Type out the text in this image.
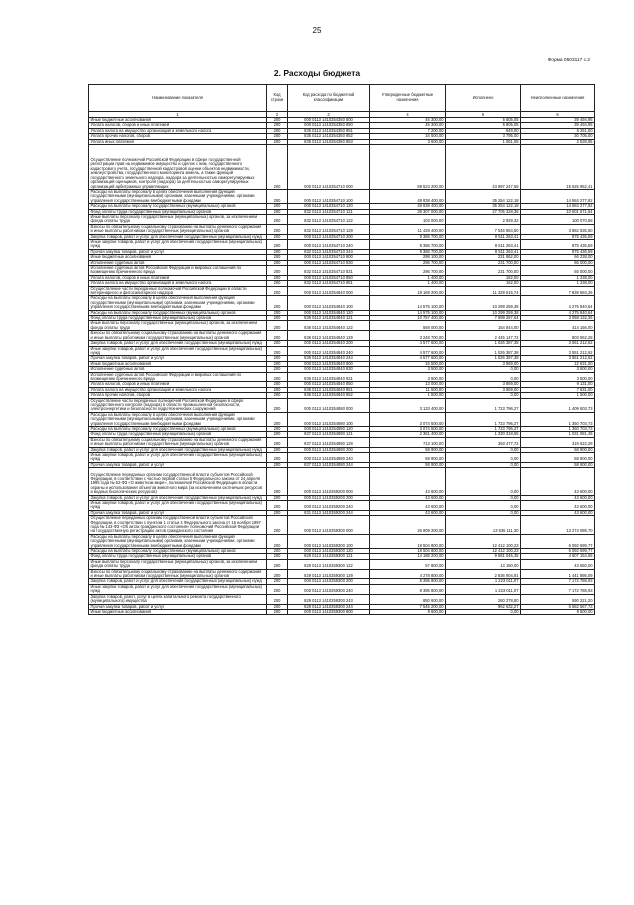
25
Форма 0503117 с.2
2. Расходы бюджета
Наименование показателя	Код строки	Код расхода по бюджетной классификации	Утвержденные бюджетные назначения	Исполнено	Неисполненные назначения
1	2	3	4	5	6
Иные бюджетные ассигнования	200	000 0113 1410354350 800	45 300,00	5 805,05	39 494,95
Уплата налогов, сборов и иных платежей	200	000 0113 1410354350 850	45 300,00	5 805,05	39 494,95
Уплата налога на имущество организаций и земельного налога	200	835 0113 1410354350 851	7 200,00	949,00	6 251,00
Уплата прочих налогов, сборов	200	835 0113 1410354350 852	34 500,00	3 795,00	30 705,00
Уплата иных платежей	200	835 0113 1410354350 853	3 600,00	1 061,05	2 538,95
Осуществление полномочий Российской Федерации в сфере государственной регистрации прав на недвижимое имущество и сделок с ним, государственного кадастрового учета, государственной кадастровой оценки объектов недвижимости, землеустройства, государственного мониторинга земель, а также функций государственного земельного надзора, надзора за деятельностью саморегулируемых организаций оценщиков, контроля (надзора) за деятельностью саморегулируемых организаций арбитражных управляющих	200	000 0113 1410354710 000	59 523 200,00	43 997 247,59	15 525 952,41
Расходы на выплаты персоналу в целях обеспечения выполнения функций государственными (муниципальными) органами, казенными учреждениями, органами управления государственными внебюджетными фондами	200	000 0113 1410354710 100	49 838 400,00	35 254 122,18	14 584 277,82
Расходы на выплаты персоналу государственных (муниципальных) органов	200	000 0113 1410354710 120	49 838 400,00	35 254 122,18	14 584 277,82
Фонд оплаты труда государственных (муниципальных) органов	200	832 0113 1410354710 121	38 307 000,00	27 705 328,36	10 601 671,64
Иные выплаты персоналу государственных (муниципальных) органов, за исключением фонда оплаты труда	200	832 0113 1410354710 122	103 000,00	2 929,32	100 070,68
Взносы по обязательному социальному страхованию на выплаты денежного содержания и иные выплаты работникам государственных (муниципальных) органов	200	832 0113 1410354710 129	11 428 400,00	7 545 864,50	3 882 535,50
Закупка товаров, работ и услуг для обеспечения государственных (муниципальных) нужд	200	000 0113 1410354710 200	9 386 700,00	8 511 263,41	875 436,59
Иные закупки товаров, работ и услуг для обеспечения государственных (муниципальных) нужд	200	000 0113 1410354710 240	9 386 700,00	8 511 263,41	875 436,59
Прочая закупка товаров, работ и услуг	200	832 0113 1410354710 244	9 386 700,00	8 511 263,41	875 436,59
Иные бюджетные ассигнования	200	000 0113 1410354710 800	298 100,00	231 862,00	66 238,00
Исполнение судебных актов	200	000 0113 1410354710 830	296 700,00	231 700,00	65 000,00
Исполнение судебных актов Российской Федерации и мировых соглашений по возмещению причиненного вреда	200	832 0113 1410354710 831	296 700,00	231 700,00	65 000,00
Уплата налогов, сборов и иных платежей	200	000 0113 1410354710 850	1 400,00	162,00	1 238,00
Уплата налога на имущество организаций и земельного налога	200	832 0113 1410354710 851	1 400,00	162,00	1 238,00
Осуществление части переданных полномочий Российской Федерации в области ветеринарного и фитосанитарного надзора	200	000 0113 1410354840 000	19 169 200,00	11 329 515,74	7 839 684,26
Расходы на выплаты персоналу в целях обеспечения выполнения функций государственными (муниципальными) органами, казенными учреждениями, органами управления государственными внебюджетными фондами	200	000 0113 1410354840 100	14 575 100,00	10 299 259,38	4 275 840,64
Расходы на выплаты персоналу государственных (муниципальных) органов	200	000 0113 1410354840 120	14 575 100,00	10 299 259,38	4 275 840,64
Фонд оплаты труда государственных (муниципальных) органов	200	836 0113 1410354840 121	10 757 400,00	7 699 267,64	3 058 132,36
Иные выплаты персоналу государственных (муниципальных) органов, за исключением фонда оплаты труда	200	836 0113 1410354840 122	569 000,00	154 844,00	414 156,00
Взносы по обязательному социальному страхованию на выплаты денежного содержания и иные выплаты работникам государственных (муниципальных) органов	200	836 0113 1410354840 129	3 248 700,00	2 445 147,72	803 552,28
Закупка товаров, работ и услуг для обеспечения государственных (муниципальных) нужд	200	000 0113 1410354840 200	4 577 600,00	1 026 387,38	3 551 212,62
Иные закупки товаров, работ и услуг для обеспечения государственных (муниципальных) нужд	200	000 0113 1410354840 240	4 577 600,00	1 026 387,38	3 551 212,62
Прочая закупка товаров, работ и услуг	200	836 0113 1410354840 244	4 577 600,00	1 026 387,38	3 551 212,62
Иные бюджетные ассигнования	200	000 0113 1410354840 800	16 500,00	3 869,00	12 631,00
Исполнение судебных актов	200	000 0113 1410354840 830	3 500,00	0,00	3 500,00
Исполнение судебных актов Российской Федерации и мировых соглашений по возмещению причиненного вреда	200	836 0113 1410354840 831	3 500,00	0,00	3 500,00
Уплата налогов, сборов и иных платежей	200	000 0113 1410354840 850	13 000,00	3 869,00	9 131,00
Уплата налога на имущество организаций и земельного налога	200	836 0113 1410354840 851	11 500,00	3 869,00	7 631,00
Уплата прочих налогов, сборов	200	836 0113 1410354840 852	1 500,00	0,00	1 500,00
Осуществление части переданных полномочий Российской Федерации в сфере государственного контроля (надзора) в области промышленной безопасности, электроэнергетики и безопасности гидротехнических сооружений	200	000 0113 1410354890 000	3 133 400,00	1 723 796,27	1 409 603,73
Расходы на выплаты персоналу в целях обеспечения выполнения функций государственными (муниципальными) органами, казенными учреждениями, органами управления государственными внебюджетными фондами	200	000 0113 1410354890 100	3 074 500,00	1 723 796,27	1 350 703,73
Расходы на выплаты персоналу государственных (муниципальных) органов	200	000 0113 1410354890 120	3 074 500,00	1 723 796,27	1 350 703,73
Фонд оплаты труда государственных (муниципальных) органов	200	837 0113 1410354890 121	2 361 400,00	1 330 318,55	1 031 081,45
Взносы по обязательному социальному страхованию на выплаты денежного содержания и иные выплаты работникам государственных (муниципальных) органов	200	837 0113 1410354890 129	713 100,00	393 477,72	319 622,28
Закупка товаров, работ и услуг для обеспечения государственных (муниципальных) нужд	200	000 0113 1410354890 200	58 900,00	0,00	58 900,00
Иные закупки товаров, работ и услуг для обеспечения государственных (муниципальных) нужд	200	000 0113 1410354890 240	58 900,00	0,00	58 900,00
Прочая закупка товаров, работ и услуг	200	837 0113 1410354890 244	58 900,00	0,00	58 900,00
Осуществление переданных органам государственной власти субъектов Российской Федерации, в соответствии с частью первой статьи 6 Федерального закона от 24 апреля 1995 года № 52-ФЗ «О животном мире», полномочий Российской Федерации в области охраны и использования объектов животного мира (за исключением охотничьих ресурсов и водных биологических ресурсов)	200	000 0113 1410359200 000	43 600,00	0,00	43 600,00
Закупка товаров, работ и услуг для обеспечения государственных (муниципальных) нужд	200	000 0113 1410359200 200	43 600,00	0,00	43 600,00
Иные закупки товаров, работ и услуг для обеспечения государственных (муниципальных) нужд	200	000 0113 1410359200 240	43 600,00	0,00	43 600,00
Прочая закупка товаров, работ и услуг	200	831 0113 1410359200 244	43 600,00	0,00	43 600,00
Осуществление переданных органам государственной власти субъектов Российской Федерации, в соответствии с пунктом 1 статьи 4 Федерального закона от 15 ноября 1997 года № 143-ФЗ «Об актах гражданского состояния» полномочий Российской Федерации на государственную регистрацию актов гражданского состояния	200	000 0113 1410359300 000	26 909 200,00	13 635 111,30	13 274 088,70
Расходы на выплаты персоналу в целях обеспечения выполнения функций государственными (муниципальными) органами, казенными учреждениями, органами управления государственными внебюджетными фондами	200	000 0113 1410359300 100	18 504 800,00	12 412 100,23	6 092 699,77
Расходы на выплаты персоналу государственных (муниципальных) органов	200	000 0113 1410359300 120	18 504 800,00	12 412 100,23	6 092 699,77
Фонд оплаты труда государственных (муниципальных) органов	200	829 0113 1410359300 121	14 188 200,00	9 581 045,35	4 607 154,65
Иные выплаты персоналу государственных (муниципальных) органов, за исключением фонда оплаты труда	200	829 0113 1410359300 122	57 800,00	14 150,00	43 650,00
Взносы по обязательному социальному страхованию на выплаты денежного содержания и иные выплаты работникам государственных (муниципальных) органов	200	829 0113 1410359300 129	4 278 800,00	2 836 904,91	1 441 895,09
Закупка товаров, работ и услуг для обеспечения государственных (муниципальных) нужд	200	000 0113 1410359300 200	8 395 800,00	1 223 011,07	7 172 788,93
Иные закупки товаров, работ и услуг для обеспечения государственных (муниципальных) нужд	200	000 0113 1410359300 240	8 395 800,00	1 223 011,07	7 172 788,93
Закупка товаров, работ, услуг в целях капитального ремонта государственного (муниципального) имущества	200	829 0113 1410359300 243	850 600,00	260 378,80	590 221,20
Прочая закупка товаров, работ и услуг	200	829 0113 1410359300 244	7 545 200,00	962 632,27	6 582 567,73
Иные бюджетные ассигнования	200	000 0113 1410359300 800	8 600,00	0,00	8 600,00
